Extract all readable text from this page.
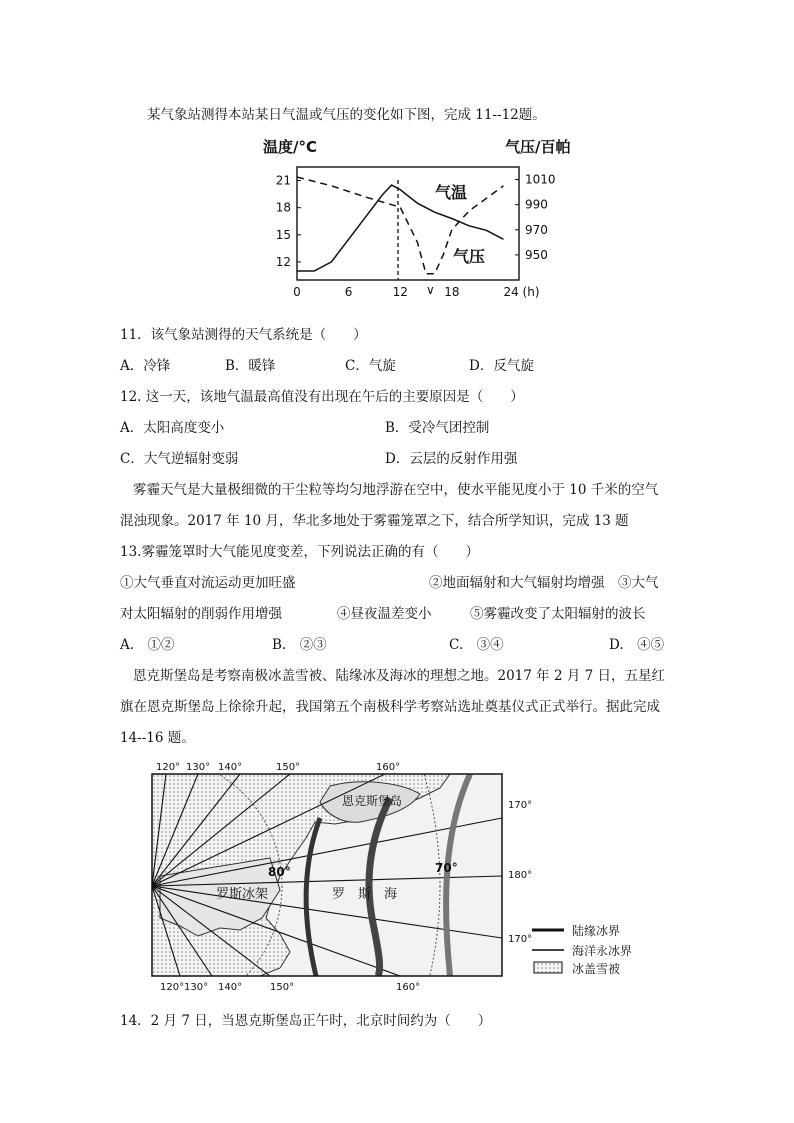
某气象站测得本站某日气温或气压的变化如下图，完成 11--12题。
温度/°C	气压/百帕
21
18
15
12
1010
990
970
950
0	6	12	18	24 (h)
气温
气压
∨
11．该气象站测得的天气系统是（　　）
A．冷锋	B．暖锋	C．气旋	D．反气旋
12. 这一天，该地气温最高值没有出现在午后的主要原因是（　　）
A．太阳高度变小	B．受冷气团控制
C．大气逆辐射变弱	D．云层的反射作用强
雾霾天气是大量极细微的干尘粒等均匀地浮游在空中，使水平能见度小于 10 千米的空气
混浊现象。2017 年 10 月，华北多地处于雾霾笼罩之下，结合所学知识，完成 13 题
13.雾霾笼罩时大气能见度变差，下列说法正确的有（　　）
①大气垂直对流运动更加旺盛	②地面辐射和大气辐射均增强　③大气
对太阳辐射的削弱作用增强	④昼夜温差变小	⑤雾霾改变了太阳辐射的波长
A.　①②	B.　②③	C.　③④	D.　④⑤
恩克斯堡岛是考察南极冰盖雪被、陆缘冰及海冰的理想之地。2017 年 2 月 7 日，五星红
旗在恩克斯堡岛上徐徐升起，我国第五个南极科学考察站选址奠基仪式正式举行。据此完成
14--16 题。
120° 130° 140°	150°	160°
120° 130° 140°	150°	160°
170°
180°
170°
80°	70°
恩克斯堡岛
罗斯冰架	罗　斯　海
陆缘冰界
海洋永冰界
冰盖雪被
14．2 月 7 日，当恩克斯堡岛正午时，北京时间约为（　　）
